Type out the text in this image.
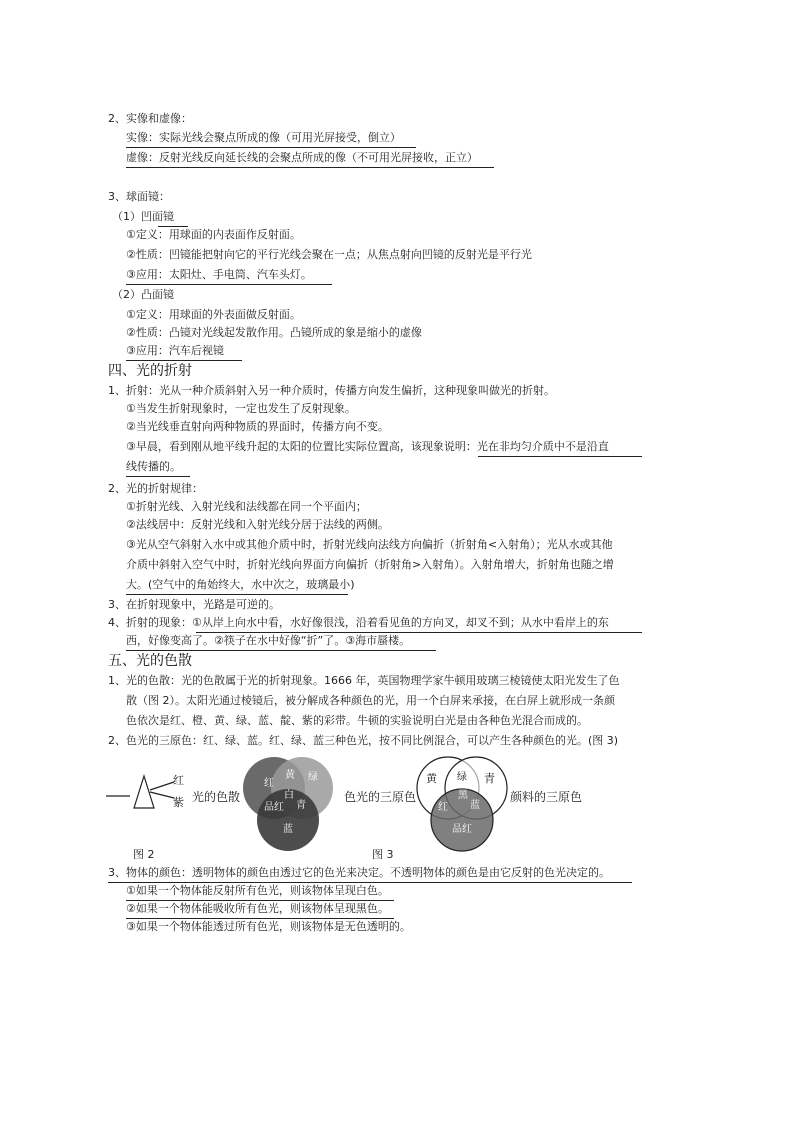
2、实像和虚像：
实像：实际光线会聚点所成的像（可用光屏接受，倒立）
虚像：反射光线反向延长线的会聚点所成的像（不可用光屏接收，正立）
3、球面镜：
（1）凹面镜
①定义：用球面的内表面作反射面。
②性质：凹镜能把射向它的平行光线会聚在一点；从焦点射向凹镜的反射光是平行光
③应用：太阳灶、手电筒、汽车头灯。
（2）凸面镜
①定义：用球面的外表面做反射面。
②性质：凸镜对光线起发散作用。凸镜所成的象是缩小的虚像
③应用：汽车后视镜
四、光的折射
1、折射：光从一种介质斜射入另一种介质时，传播方向发生偏折，这种现象叫做光的折射。
①当发生折射现象时，一定也发生了反射现象。
②当光线垂直射向两种物质的界面时，传播方向不变。
③早晨，看到刚从地平线升起的太阳的位置比实际位置高，该现象说明：光在非均匀介质中不是沿直
线传播的。
2、光的折射规律：
①折射光线、入射光线和法线都在同一个平面内；
②法线居中：反射光线和入射光线分居于法线的两侧。
③光从空气斜射入水中或其他介质中时，折射光线向法线方向偏折（折射角<入射角）；光从水或其他
介质中斜射入空气中时，折射光线向界面方向偏折（折射角>入射角）。入射角增大，折射角也随之增
大。(空气中的角始终大，水中次之，玻璃最小)
3、在折射现象中，光路是可逆的。
4、折射的现象：①从岸上向水中看，水好像很浅，沿着看见鱼的方向叉，却叉不到；从水中看岸上的东
西，好像变高了。②筷子在水中好像“折”了。③海市蜃楼。
五、光的色散
1、光的色散：光的色散属于光的折射现象。1666 年，英国物理学家牛顿用玻璃三棱镜使太阳光发生了色
散（图 2）。太阳光通过棱镜后，被分解成各种颜色的光，用一个白屏来承接，在白屏上就形成一条颜
色依次是红、橙、黄、绿、蓝、靛、紫的彩带。牛顿的实验说明白光是由各种色光混合而成的。
2、色光的三原色：红、绿、蓝。红、绿、蓝三种色光，按不同比例混合，可以产生各种颜色的光。(图 3)
红
紫 光的色散
红
黄 绿
白
品红 青
蓝
色光的三原色
黄 绿 青
黑
红 蓝
品红
颜料的三原色
图 2	图 3
3、物体的颜色：透明物体的颜色由透过它的色光来决定。不透明物体的颜色是由它反射的色光决定的。
①如果一个物体能反射所有色光，则该物体呈现白色。
②如果一个物体能吸收所有色光，则该物体呈现黑色。
③如果一个物体能透过所有色光，则该物体是无色透明的。
